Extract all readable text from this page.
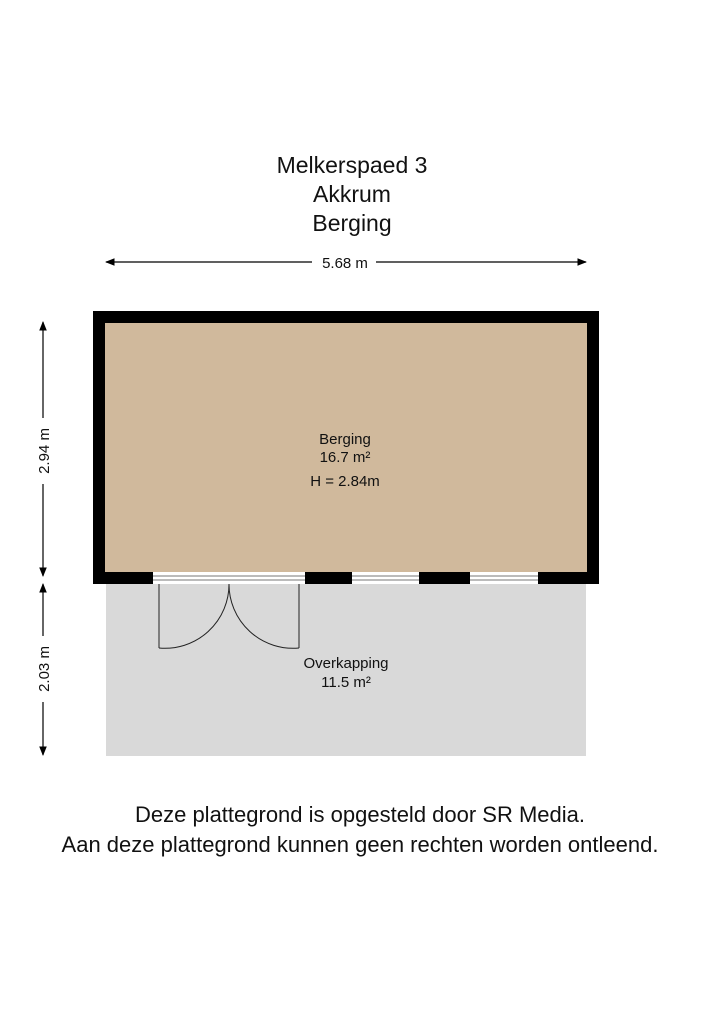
Melkerspaed 3
Akkrum
Berging
5.68 m
2.94 m
2.03 m
Berging
16.7 m²
H = 2.84m
Overkapping
11.5 m²
Deze plattegrond is opgesteld door SR Media.
Aan deze plattegrond kunnen geen rechten worden ontleend.
